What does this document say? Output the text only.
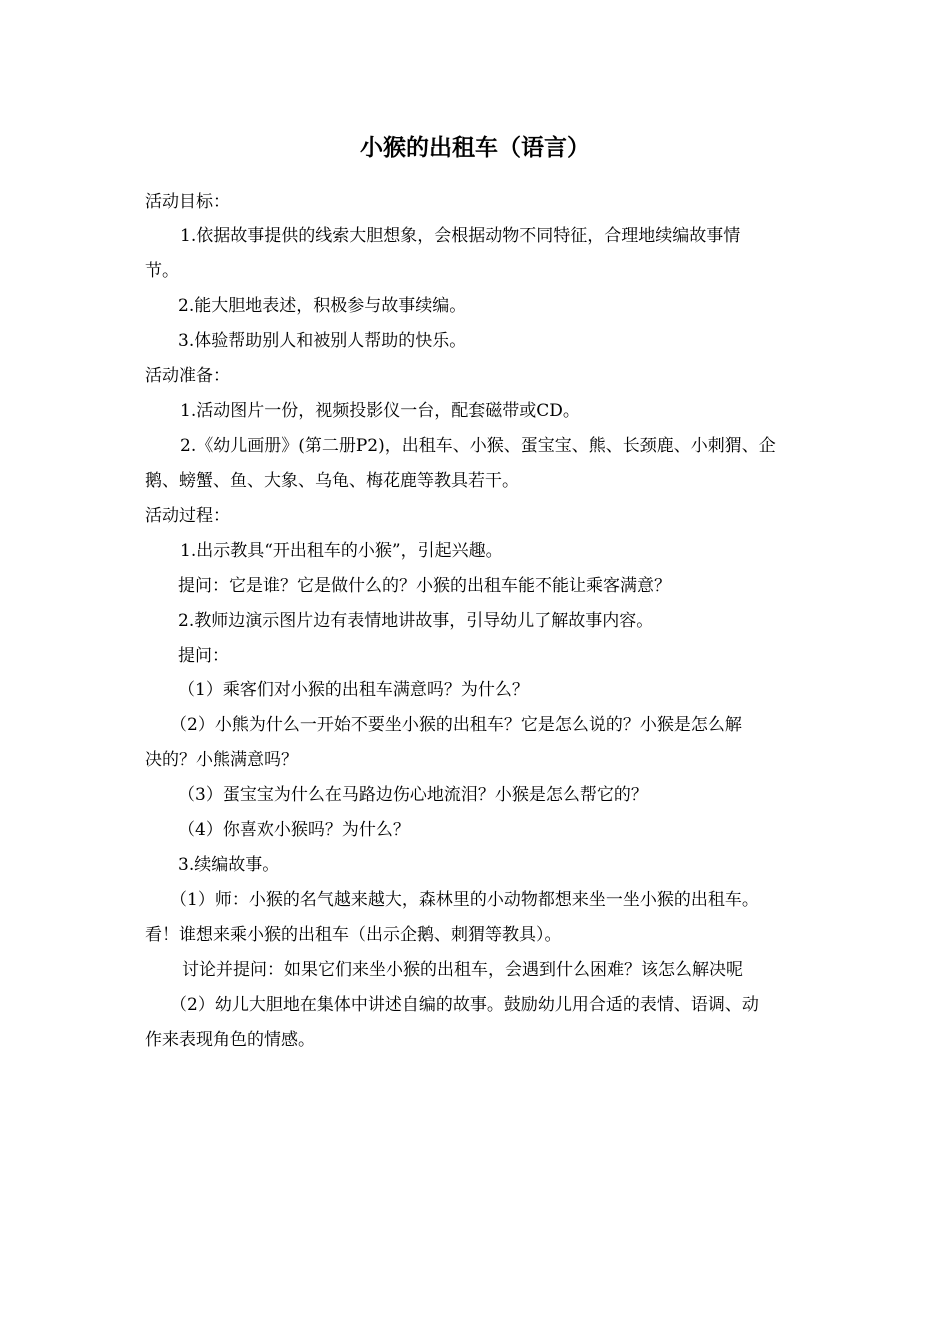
小猴的出租车（语言）
活动目标：
1.依据故事提供的线索大胆想象，会根据动物不同特征，合理地续编故事情
节。
2.能大胆地表述，积极参与故事续编。
3.体验帮助别人和被别人帮助的快乐。
活动准备：
1.活动图片一份，视频投影仪一台，配套磁带或CD。
2.《幼儿画册》(第二册P2)，出租车、小猴、蛋宝宝、熊、长颈鹿、小刺猬、企
鹅、螃蟹、鱼、大象、乌龟、梅花鹿等教具若干。
活动过程：
1.出示教具“开出租车的小猴”，引起兴趣。
提问：它是谁？它是做什么的？小猴的出租车能不能让乘客满意？
2.教师边演示图片边有表情地讲故事，引导幼儿了解故事内容。
提问：
（1）乘客们对小猴的出租车满意吗？为什么？
（2）小熊为什么一开始不要坐小猴的出租车？它是怎么说的？小猴是怎么解
决的？小熊满意吗？
（3）蛋宝宝为什么在马路边伤心地流泪？小猴是怎么帮它的？
（4）你喜欢小猴吗？为什么？
3.续编故事。
（1）师：小猴的名气越来越大，森林里的小动物都想来坐一坐小猴的出租车。
看！谁想来乘小猴的出租车（出示企鹅、刺猬等教具）。
讨论并提问：如果它们来坐小猴的出租车，会遇到什么困难？该怎么解决呢
（2）幼儿大胆地在集体中讲述自编的故事。鼓励幼儿用合适的表情、语调、动
作来表现角色的情感。
